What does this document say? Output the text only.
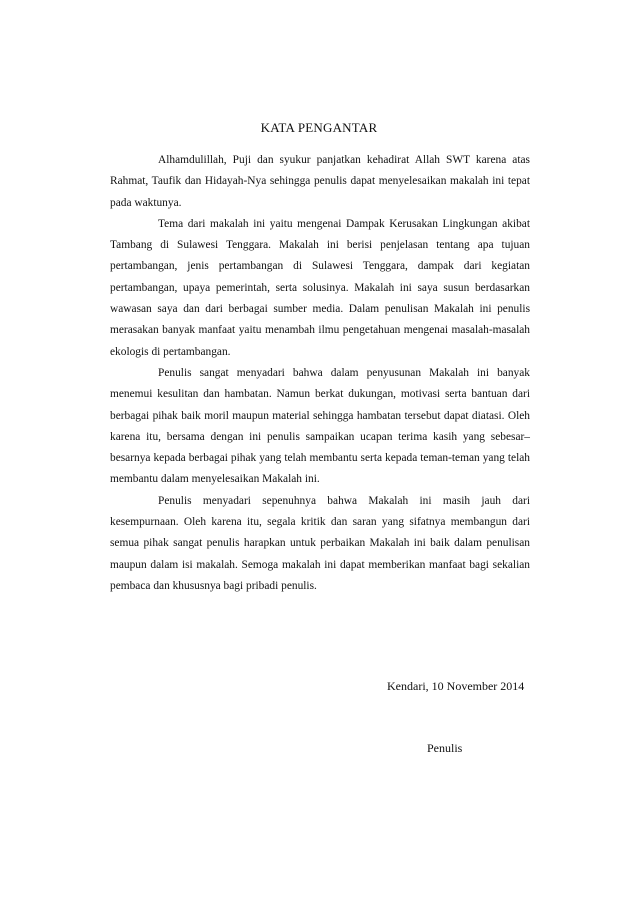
KATA PENGANTAR

Alhamdulillah, Puji dan syukur panjatkan kehadirat Allah SWT karena atas Rahmat, Taufik dan Hidayah-Nya sehingga penulis dapat menyelesaikan makalah ini tepat pada waktunya.

Tema dari makalah ini yaitu mengenai Dampak Kerusakan Lingkungan akibat Tambang di Sulawesi Tenggara. Makalah ini berisi penjelasan tentang apa tujuan pertambangan, jenis pertambangan di Sulawesi Tenggara, dampak dari kegiatan pertambangan, upaya pemerintah, serta solusinya. Makalah ini saya susun berdasarkan wawasan saya dan dari berbagai sumber media. Dalam penulisan Makalah ini penulis merasakan banyak manfaat yaitu menambah ilmu pengetahuan mengenai masalah-masalah ekologis di pertambangan.

Penulis sangat menyadari bahwa dalam penyusunan Makalah ini banyak menemui kesulitan dan hambatan. Namun berkat dukungan, motivasi serta bantuan dari berbagai pihak baik moril maupun material sehingga hambatan tersebut dapat diatasi. Oleh karena itu, bersama dengan ini penulis sampaikan ucapan terima kasih yang sebesar–besarnya kepada berbagai pihak yang telah membantu serta kepada teman-teman yang telah membantu dalam menyelesaikan Makalah ini.

Penulis menyadari sepenuhnya bahwa Makalah ini masih jauh dari kesempurnaan. Oleh karena itu, segala kritik dan saran yang sifatnya membangun dari semua pihak sangat penulis harapkan untuk perbaikan Makalah ini baik dalam penulisan maupun dalam isi makalah. Semoga makalah ini dapat memberikan manfaat bagi sekalian pembaca dan khususnya bagi pribadi penulis.

Kendari, 10 November 2014
Penulis
